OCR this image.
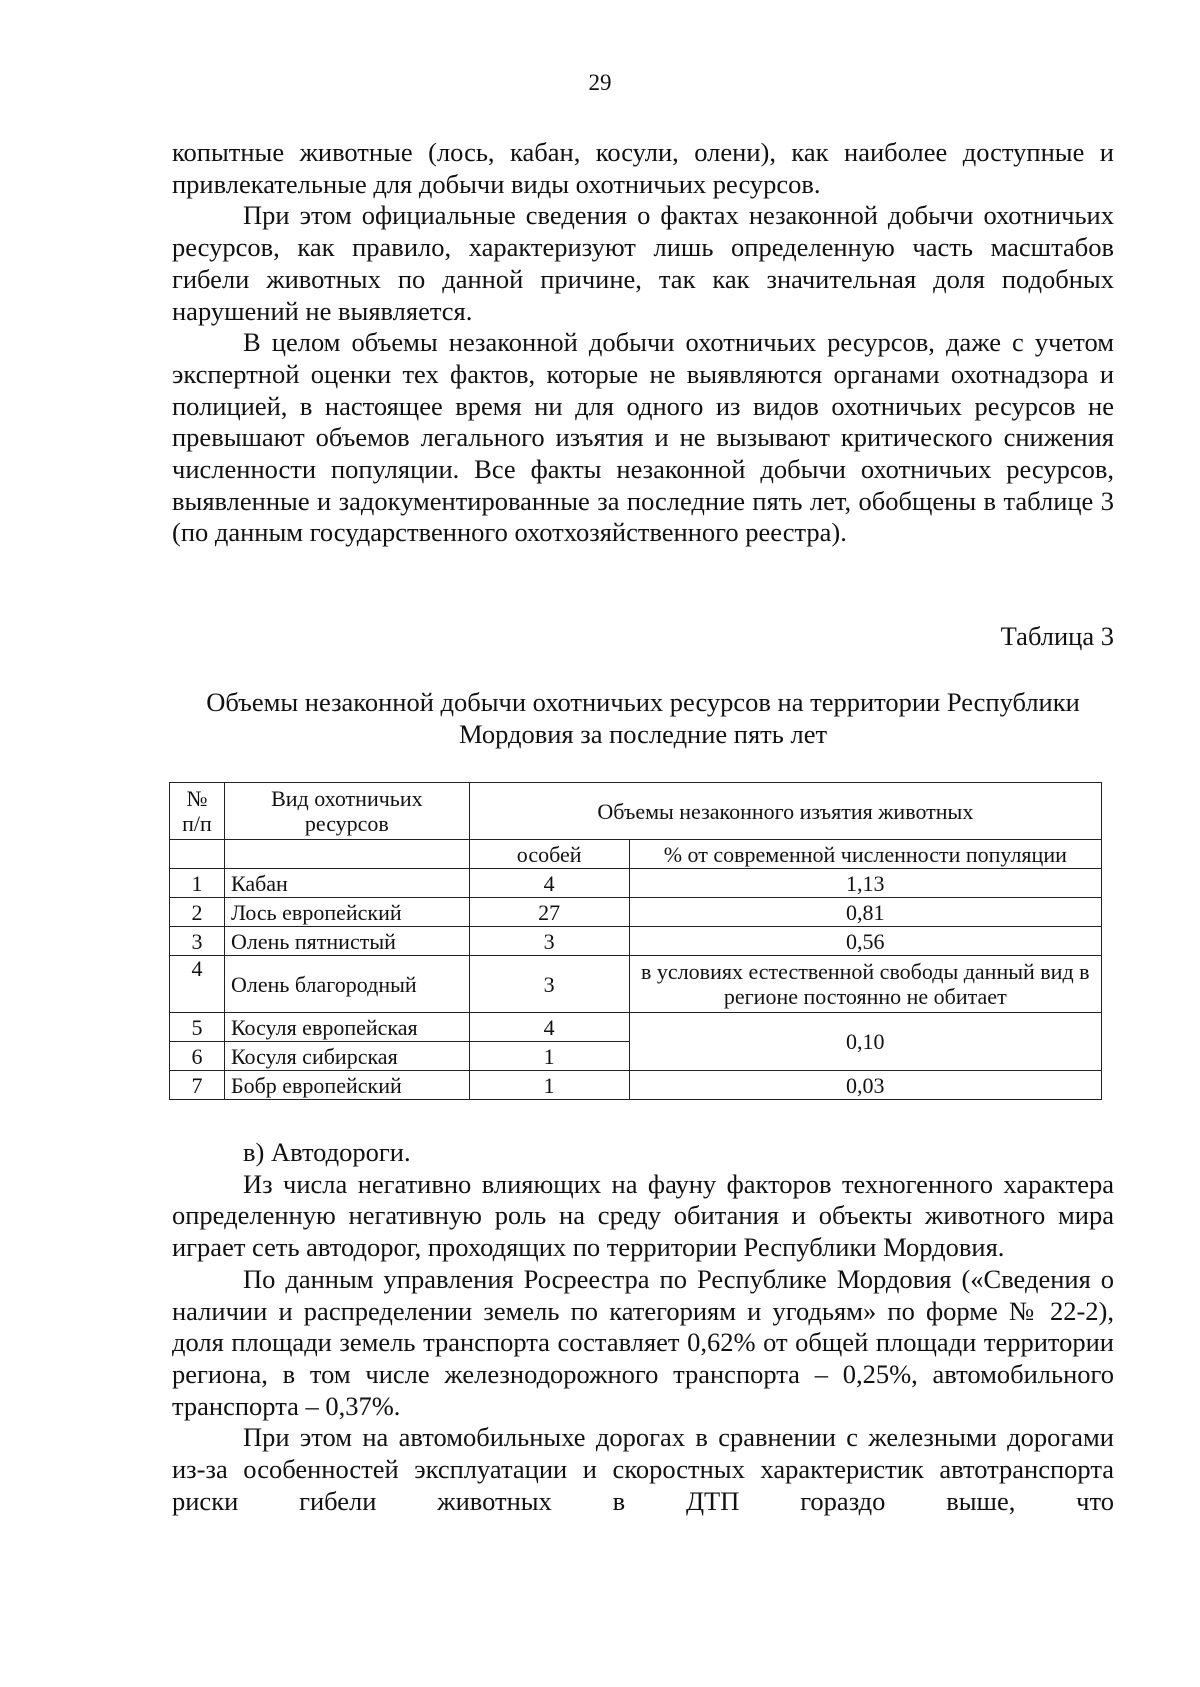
29

копытные животные (лось, кабан, косули, олени), как наиболее доступные и привлекательные для добычи виды охотничьих ресурсов.

При этом официальные сведения о фактах незаконной добычи охотничьих ресурсов, как правило, характеризуют лишь определенную часть масштабов гибели животных по данной причине, так как значительная доля подобных нарушений не выявляется.

В целом объемы незаконной добычи охотничьих ресурсов, даже с учетом экспертной оценки тех фактов, которые не выявляются органами охотнадзора и полицией, в настоящее время ни для одного из видов охотничьих ресурсов не превышают объемов легального изъятия и не вызывают критического снижения численности популяции. Все факты незаконной добычи охотничьих ресурсов, выявленные и задокументированные за последние пять лет, обобщены в таблице 3 (по данным государственного охотхозяйственного реестра).

Таблица 3
Объемы незаконной добычи охотничьих ресурсов на территории Республики Мордовия за последние пять лет
№ п/п	Вид охотничьих ресурсов	Объемы незаконного изъятия животных	
		особей	% от современной численности популяции
1	Кабан	4	1,13
2	Лось европейский	27	0,81
3	Олень пятнистый	3	0,56
4	Олень благородный	3	в условиях естественной свободы данный вид в регионе постоянно не обитает
5	Косуля европейская	4	0,10
6	Косуля сибирская	1	
7	Бобр европейский	1	0,03

в) Автодороги.

Из числа негативно влияющих на фауну факторов техногенного характера определенную негативную роль на среду обитания и объекты животного мира играет сеть автодорог, проходящих по территории Республики Мордовия.

По данным управления Росреестра по Республике Мордовия («Сведения о наличии и распределении земель по категориям и угодьям» по форме № 22-2), доля площади земель транспорта составляет 0,62% от общей площади территории региона, в том числе железнодорожного транспорта – 0,25%, автомобильного транспорта – 0,37%.

При этом на автомобильныхе дорогах в сравнении с железными дорогами из-за особенностей эксплуатации и скоростных характеристик автотранспорта риски гибели животных в ДТП гораздо выше, что
